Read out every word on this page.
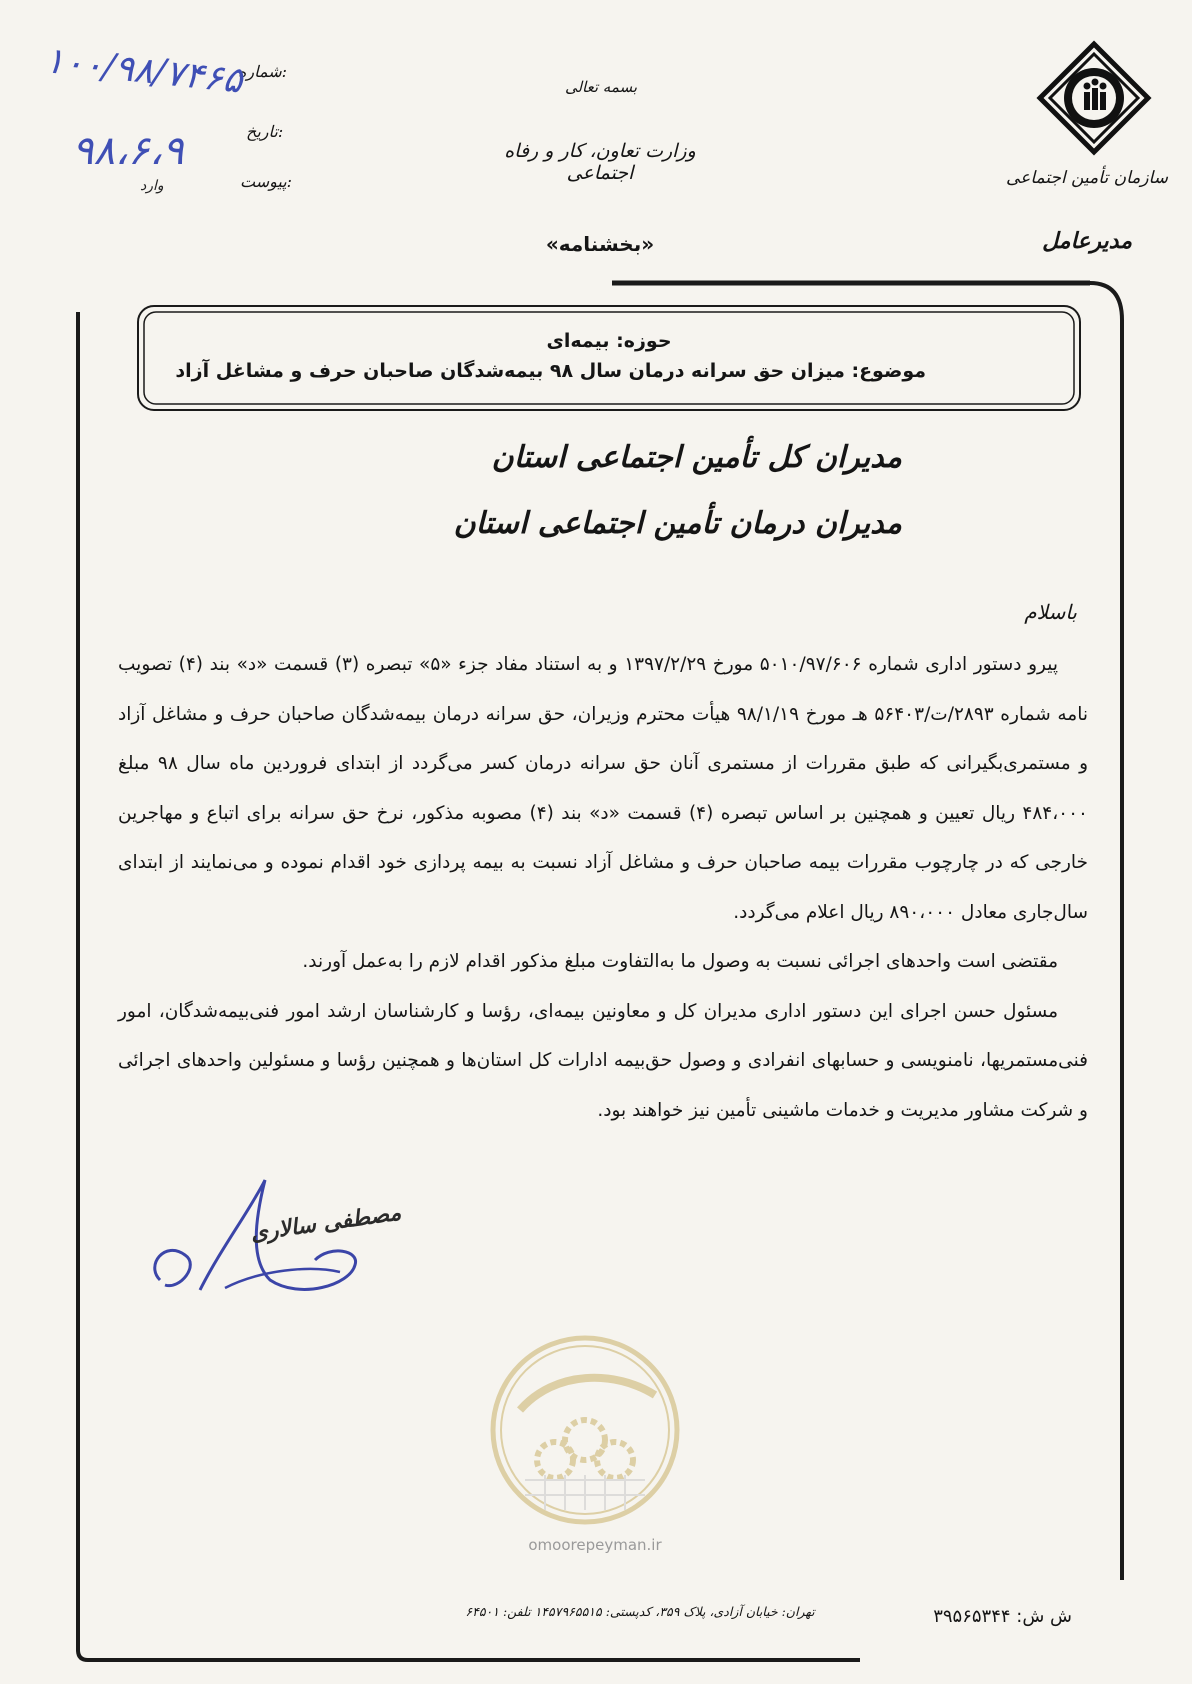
سازمان تأمین اجتماعی
مدیرعامل
بسمه تعالی
وزارت تعاون، کار و رفاه اجتماعی
«بخشنامه»
شماره:
تاریخ:
پیوست:
۱۰۰/۹۸/۷۴۶۵
۹۸،۶،۹
وارد
حوزه: بیمه‌ای
موضوع: میزان حق سرانه درمان سال ۹۸ بیمه‌شدگان صاحبان حرف و مشاغل آزاد
مدیران کل تأمین اجتماعی استان
مدیران درمان تأمین اجتماعی استان
باسلام

پیرو دستور اداری شماره ۵۰۱۰/۹۷/۶۰۶ مورخ ۱۳۹۷/۲/۲۹ و به استناد مفاد جزء «۵» تبصره (۳) قسمت «د» بند (۴) تصویب نامه شماره ۲۸۹۳/ت/۵۶۴۰۳ هـ مورخ ۹۸/۱/۱۹ هیأت محترم وزیران، حق سرانه درمان بیمه‌شدگان صاحبان حرف و مشاغل آزاد و مستمری‌بگیرانی که طبق مقررات از مستمری آنان حق سرانه درمان کسر می‌گردد از ابتدای فروردین ماه سال ۹۸ مبلغ ۴۸۴،۰۰۰ ریال تعیین و همچنین بر اساس تبصره (۴) قسمت «د» بند (۴) مصوبه مذکور، نرخ حق سرانه برای اتباع و مهاجرین خارجی که در چارچوب مقررات بیمه صاحبان حرف و مشاغل آزاد نسبت به بیمه پردازی خود اقدام نموده و می‌نمایند از ابتدای سال‌جاری معادل ۸۹۰،۰۰۰ ریال اعلام می‌گردد.

مقتضی است واحدهای اجرائی نسبت به وصول ما به‌التفاوت مبلغ مذکور اقدام لازم را به‌عمل آورند.

مسئول حسن اجرای این دستور اداری مدیران کل و معاونین بیمه‌ای، رؤسا و کارشناسان ارشد امور فنی‌بیمه‌شدگان، امور فنی‌مستمریها، نامنویسی و حسابهای انفرادی و وصول حق‌بیمه ادارات کل استان‌ها و همچنین رؤسا و مسئولین واحدهای اجرائی و شرکت مشاور مدیریت و خدمات ماشینی تأمین نیز خواهند بود.

مصطفی سالاری
omoorepeyman.ir
تهران: خیابان آزادی، پلاک ۳۵۹، کدپستی: ۱۴۵۷۹۶۵۵۱۵ تلفن: ۶۴۵۰۱	ش ش: ۳۹۵۶۵۳۴۴
